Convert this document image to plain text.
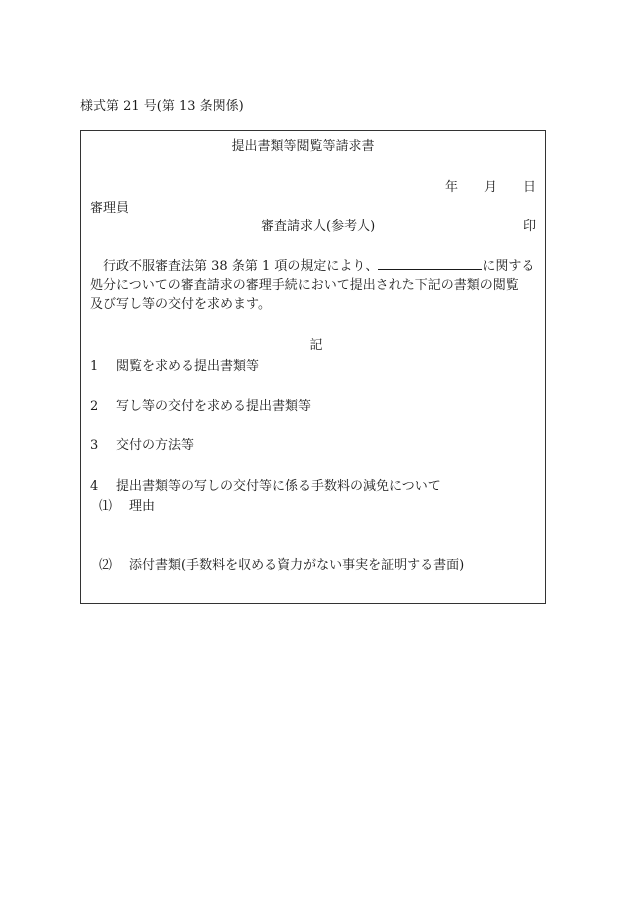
様式第 21 号(第 13 条関係)
提出書類等閲覧等請求書
年 月 日
審理員
審査請求人(参考人)	印
　行政不服審査法第 38 条第 1 項の規定により、	に関する
処分についての審査請求の審理手続において提出された下記の書類の閲覧
及び写し等の交付を求めます。
記
1 閲覧を求める提出書類等
2 写し等の交付を求める提出書類等
3 交付の方法等
4 提出書類等の写しの交付等に係る手数料の減免について
⑴ 理由
⑵ 添付書類(手数料を収める資力がない事実を証明する書面)
